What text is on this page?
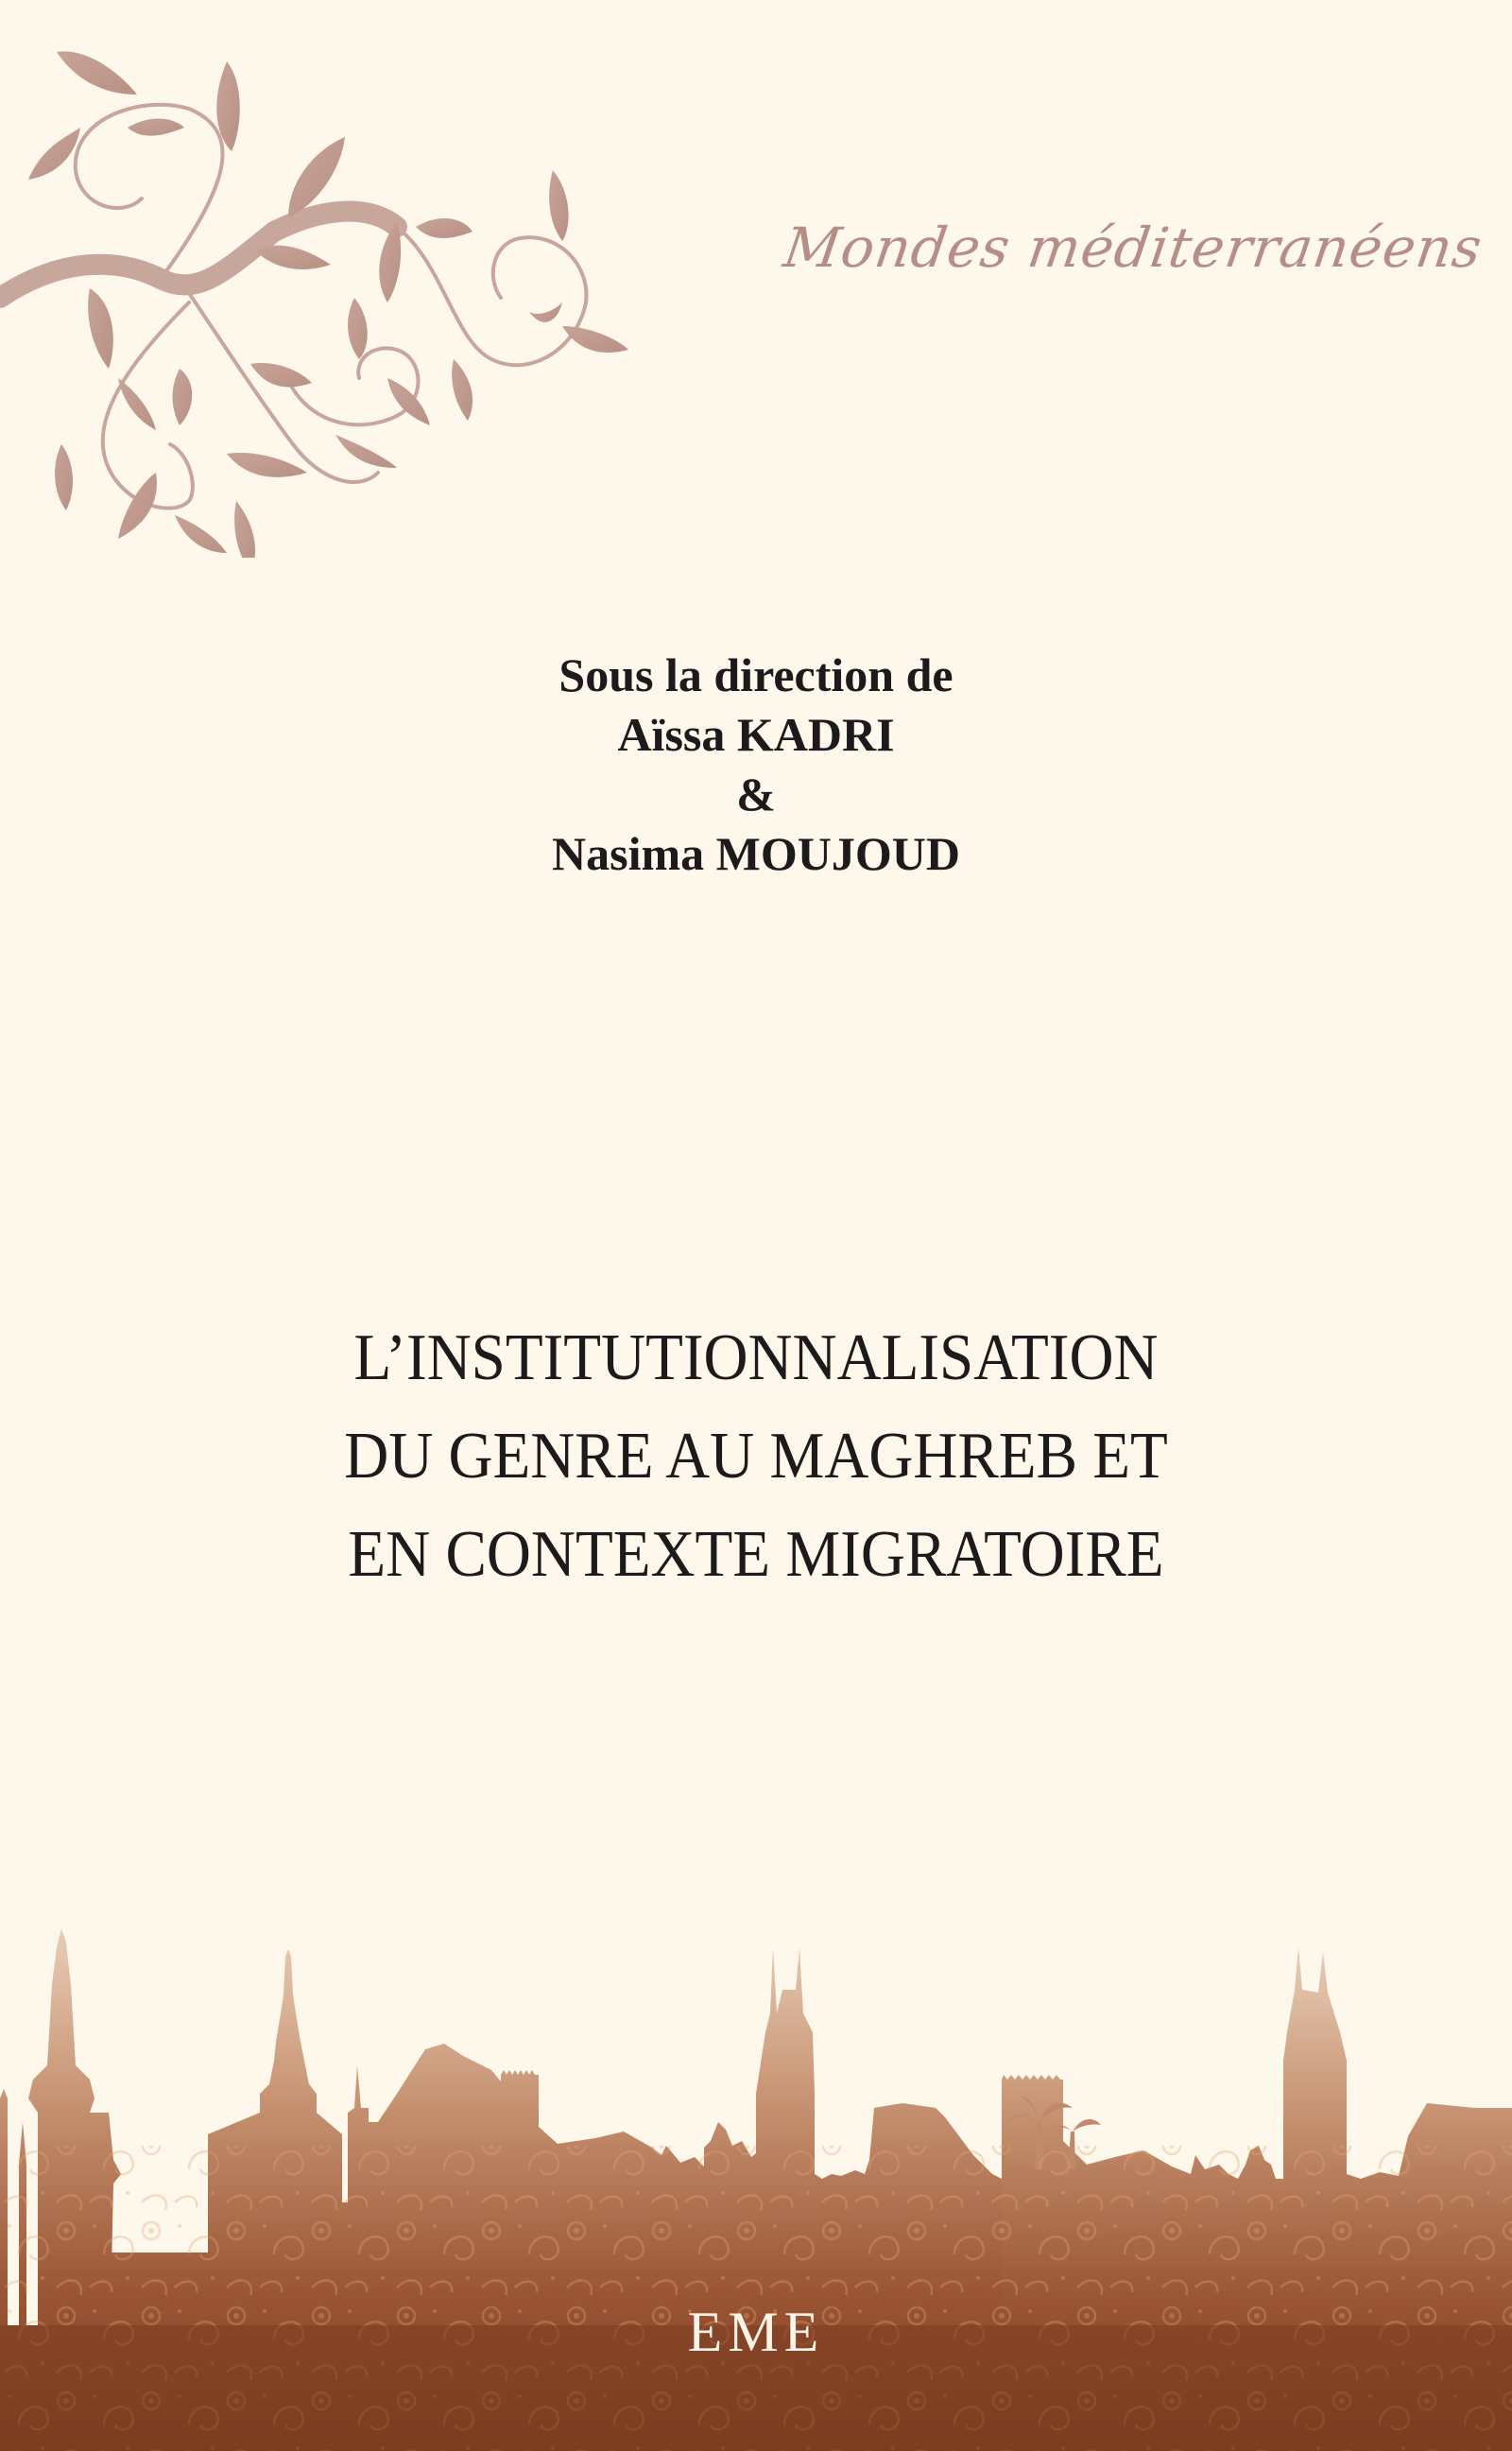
Mondes méditerranéens
Sous la direction de
Aïssa KADRI
&
Nasima MOUJOUD
L’INSTITUTIONNALISATION
DU GENRE AU MAGHREB ET
EN CONTEXTE MIGRATOIRE
EME
